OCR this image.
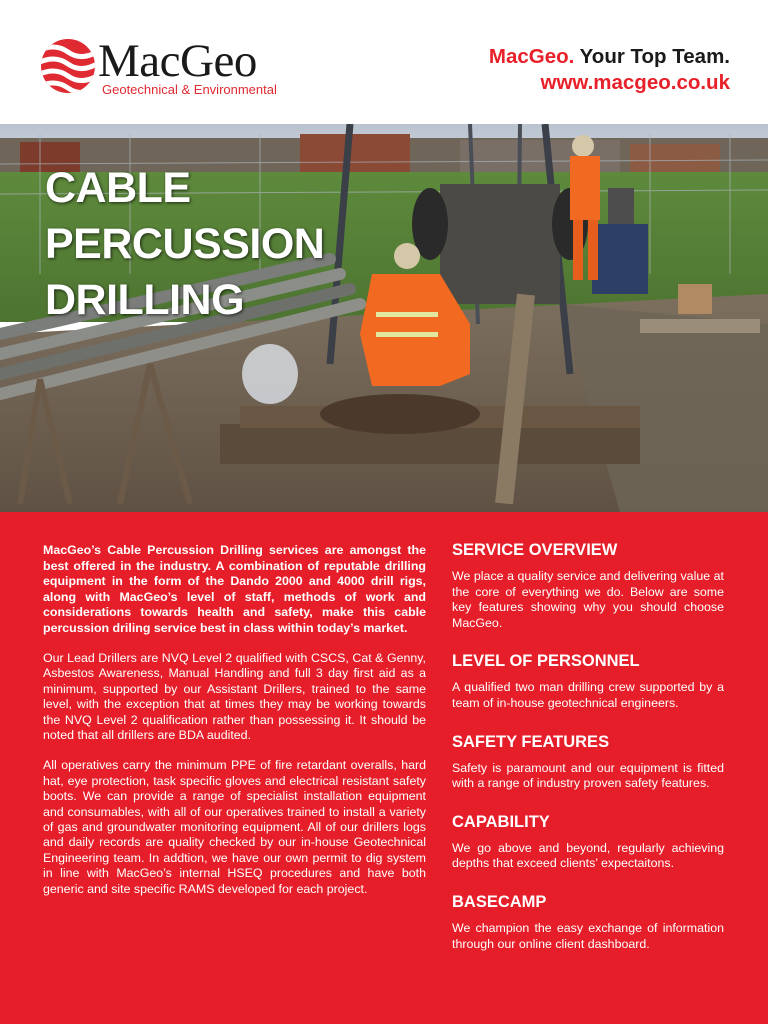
MacGeo
Geotechnical & Environmental
MacGeo. Your Top Team.
www.macgeo.co.uk
CABLE
PERCUSSION
DRILLING

MacGeo’s Cable Percussion Drilling services are amongst the best offered in the industry. A combination of reputable drilling equipment in the form of the Dando 2000 and 4000 drill rigs, along with MacGeo’s level of staff, methods of work and considerations towards health and safety, make this cable percussion driling service best in class within today’s market.

Our Lead Drillers are NVQ Level 2 qualified with CSCS, Cat & Genny, Asbestos Awareness, Manual Handling and full 3 day first aid as a minimum, supported by our Assistant Drillers, trained to the same level, with the exception that at times they may be working towards the NVQ Level 2 qualification rather than possessing it. It should be noted that all drillers are BDA audited.

All operatives carry the minimum PPE of fire retardant overalls, hard hat, eye protection, task specific gloves and electrical resistant safety boots. We can provide a range of specialist installation equipment and consumables, with all of our operatives trained to install a variety of gas and groundwater monitoring equipment. All of our drillers logs and daily records are quality checked by our in-house Geotechnical Engineering team. In addtion, we have our own permit to dig system in line with MacGeo’s internal HSEQ procedures and have both generic and site specific RAMS developed for each project.

SERVICE OVERVIEW
We place a quality service and delivering value at the core of everything we do. Below are some key features showing why you should choose MacGeo.
LEVEL OF PERSONNEL
A qualified two man drilling crew supported by a team of in-house geotechnical engineers.
SAFETY FEATURES
Safety is paramount and our equipment is fitted with a range of industry proven safety features.
CAPABILITY
We go above and beyond, regularly achieving depths that exceed clients’ expectaitons.
BASECAMP
We champion the easy exchange of information through our online client dashboard.
